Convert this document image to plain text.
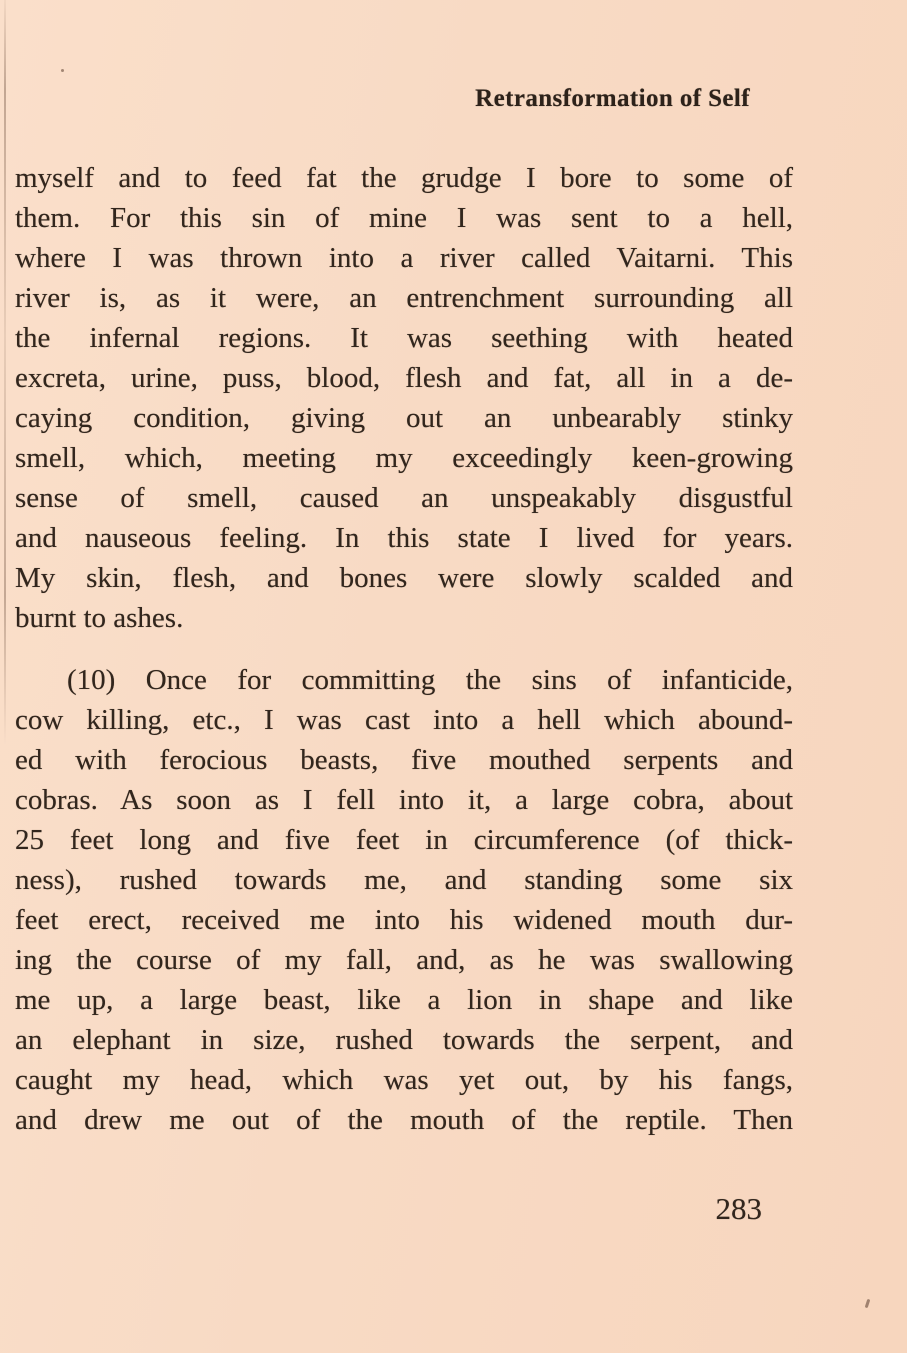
Retransformation of Self
myself and to feed fat the grudge I bore to some of
them. For this sin of mine I was sent to a hell,
where I was thrown into a river called Vaitarni. This
river is, as it were, an entrenchment surrounding all
the infernal regions. It was seething with heated
excreta, urine, puss, blood, flesh and fat, all in a de-
caying condition, giving out an unbearably stinky
smell, which, meeting my exceedingly keen-growing
sense of smell, caused an unspeakably disgustful
and nauseous feeling. In this state I lived for years.
My skin, flesh, and bones were slowly scalded and
burnt to ashes.
(10) Once for committing the sins of infanticide,
cow killing, etc., I was cast into a hell which abound-
ed with ferocious beasts, five mouthed serpents and
cobras. As soon as I fell into it, a large cobra, about
25 feet long and five feet in circumference (of thick-
ness), rushed towards me, and standing some six
feet erect, received me into his widened mouth dur-
ing the course of my fall, and, as he was swallowing
me up, a large beast, like a lion in shape and like
an elephant in size, rushed towards the serpent, and
caught my head, which was yet out, by his fangs,
and drew me out of the mouth of the reptile. Then
283
